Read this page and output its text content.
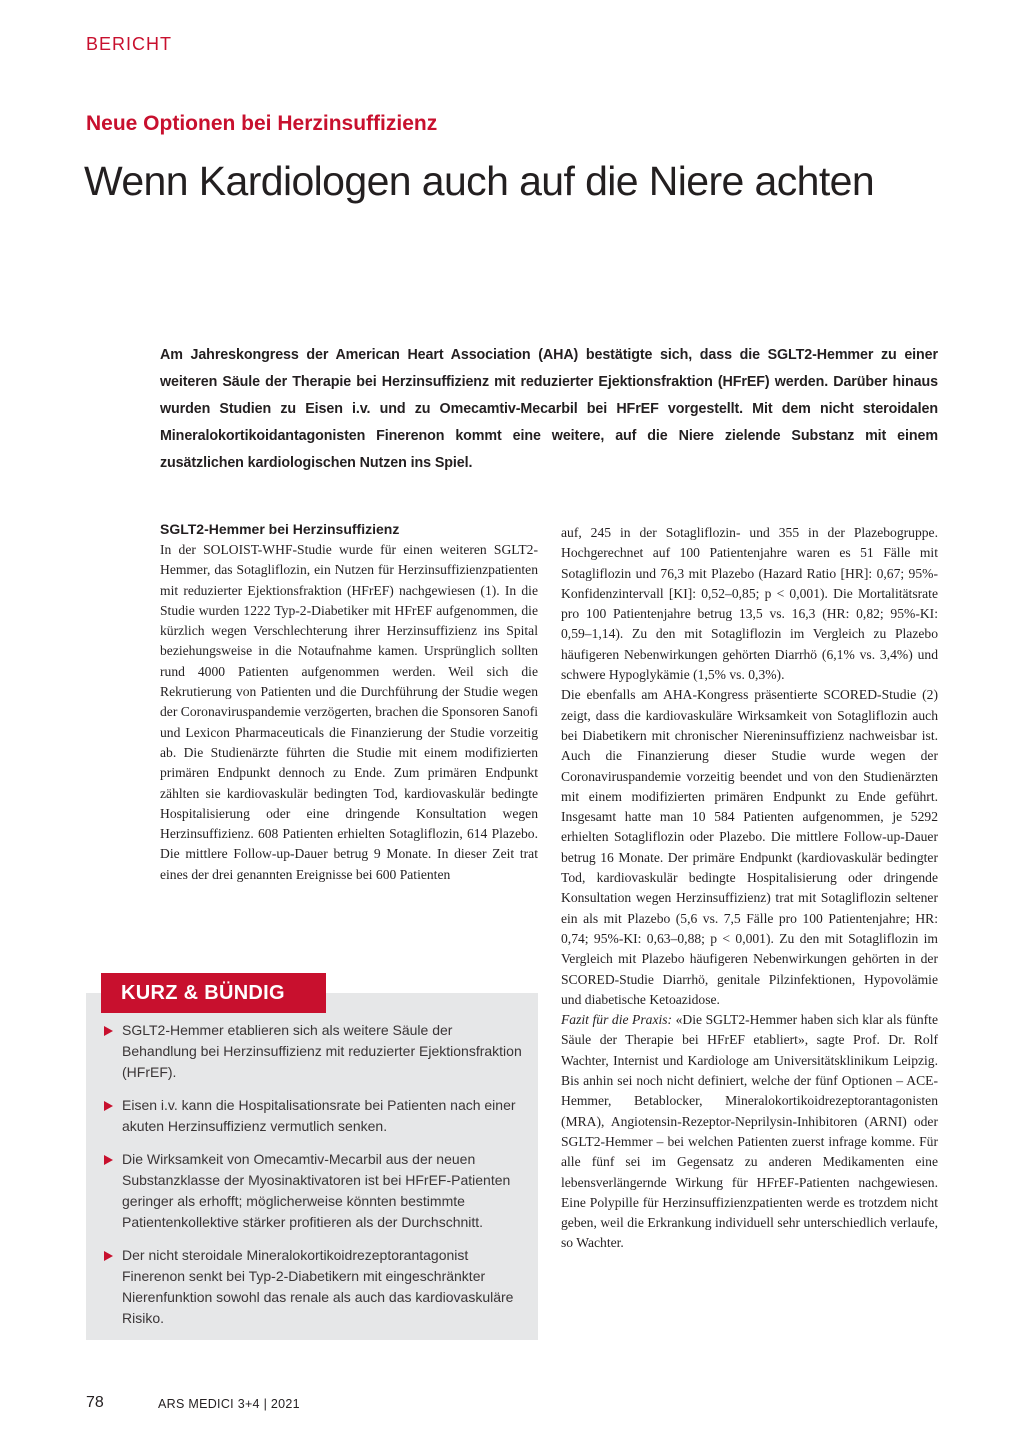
BERICHT
Neue Optionen bei Herzinsuffizienz
Wenn Kardiologen auch auf die Niere achten
Am Jahreskongress der American Heart Association (AHA) bestätigte sich, dass die SGLT2-Hemmer zu einer weiteren Säule der Therapie bei Herzinsuffizienz mit reduzierter Ejektionsfraktion (HFrEF) werden. Darüber hinaus wurden Studien zu Eisen i.v. und zu Omecamtiv-Mecarbil bei HFrEF vorgestellt. Mit dem nicht steroidalen Mineralokortikoidantagonisten Finerenon kommt eine weitere, auf die Niere zielende Substanz mit einem zusätzlichen kardiologischen Nutzen ins Spiel.
SGLT2-Hemmer bei Herzinsuffizienz

In der SOLOIST-WHF-Studie wurde für einen weiteren SGLT2-Hemmer, das Sotagliflozin, ein Nutzen für Herzinsuffizienzpatienten mit reduzierter Ejektionsfraktion (HFrEF) nachgewiesen (1). In die Studie wurden 1222 Typ-2-Diabetiker mit HFrEF aufgenommen, die kürzlich wegen Verschlechterung ihrer Herzinsuffizienz ins Spital beziehungsweise in die Notaufnahme kamen. Ursprünglich sollten rund 4000 Patienten aufgenommen werden. Weil sich die Rekrutierung von Patienten und die Durchführung der Studie wegen der Coronaviruspandemie verzögerten, brachen die Sponsoren Sanofi und Lexicon Pharmaceuticals die Finanzierung der Studie vorzeitig ab. Die Studienärzte führten die Studie mit einem modifizierten primären Endpunkt dennoch zu Ende. Zum primären Endpunkt zählten sie kardiovaskulär bedingten Tod, kardiovaskulär bedingte Hospitalisierung oder eine dringende Konsultation wegen Herzinsuffizienz. 608 Patienten erhielten Sotagliflozin, 614 Plazebo. Die mittlere Follow-up-Dauer betrug 9 Monate. In dieser Zeit trat eines der drei genannten Ereignisse bei 600 Patienten

auf, 245 in der Sotagliflozin- und 355 in der Plazebogruppe. Hochgerechnet auf 100 Patientenjahre waren es 51 Fälle mit Sotagliflozin und 76,3 mit Plazebo (Hazard Ratio [HR]: 0,67; 95%-Konfidenzintervall [KI]: 0,52–0,85; p < 0,001). Die Mortalitätsrate pro 100 Patientenjahre betrug 13,5 vs. 16,3 (HR: 0,82; 95%-KI: 0,59–1,14). Zu den mit Sotagliflozin im Vergleich zu Plazebo häufigeren Nebenwirkungen gehörten Diarrhö (6,1% vs. 3,4%) und schwere Hypoglykämie (1,5% vs. 0,3%).

Die ebenfalls am AHA-Kongress präsentierte SCORED-Studie (2) zeigt, dass die kardiovaskuläre Wirksamkeit von Sotagliflozin auch bei Diabetikern mit chronischer Niereninsuffizienz nachweisbar ist. Auch die Finanzierung dieser Studie wurde wegen der Coronaviruspandemie vorzeitig beendet und von den Studienärzten mit einem modifizierten primären Endpunkt zu Ende geführt. Insgesamt hatte man 10 584 Patienten aufgenommen, je 5292 erhielten Sotagliflozin oder Plazebo. Die mittlere Follow-up-Dauer betrug 16 Monate. Der primäre Endpunkt (kardiovaskulär bedingter Tod, kardiovaskulär bedingte Hospitalisierung oder dringende Konsultation wegen Herzinsuffizienz) trat mit Sotagliflozin seltener ein als mit Plazebo (5,6 vs. 7,5 Fälle pro 100 Patientenjahre; HR: 0,74; 95%-KI: 0,63–0,88; p < 0,001). Zu den mit Sotagliflozin im Vergleich mit Plazebo häufigeren Nebenwirkungen gehörten in der SCORED-Studie Diarrhö, genitale Pilzinfektionen, Hypovolämie und diabetische Ketoazidose.

Fazit für die Praxis: «Die SGLT2-Hemmer haben sich klar als fünfte Säule der Therapie bei HFrEF etabliert», sagte Prof. Dr. Rolf Wachter, Internist und Kardiologe am Universitätsklinikum Leipzig. Bis anhin sei noch nicht definiert, welche der fünf Optionen – ACE-Hemmer, Betablocker, Mineralokortikoidrezeptorantagonisten (MRA), Angiotensin-Rezeptor-Neprilysin-Inhibitoren (ARNI) oder SGLT2-Hemmer – bei welchen Patienten zuerst infrage komme. Für alle fünf sei im Gegensatz zu anderen Medikamenten eine lebensverlängernde Wirkung für HFrEF-Patienten nachgewiesen. Eine Polypille für Herzinsuffizienzpatienten werde es trotzdem nicht geben, weil die Erkrankung individuell sehr unterschiedlich verlaufe, so Wachter.

KURZ & BÜNDIG
SGLT2-Hemmer etablieren sich als weitere Säule der Behandlung bei Herzinsuffizienz mit reduzierter Ejektionsfraktion (HFrEF).
Eisen i.v. kann die Hospitalisationsrate bei Patienten nach einer akuten Herzinsuffizienz vermutlich senken.
Die Wirksamkeit von Omecamtiv-Mecarbil aus der neuen Substanzklasse der Myosinaktivatoren ist bei HFrEF-Patienten geringer als erhofft; möglicherweise könnten bestimmte Patientenkollektive stärker profitieren als der Durchschnitt.
Der nicht steroidale Mineralokortikoidrezeptorantagonist Finerenon senkt bei Typ-2-Diabetikern mit eingeschränkter Nierenfunktion sowohl das renale als auch das kardiovaskuläre Risiko.
78	ARS MEDICI 3+4 | 2021
